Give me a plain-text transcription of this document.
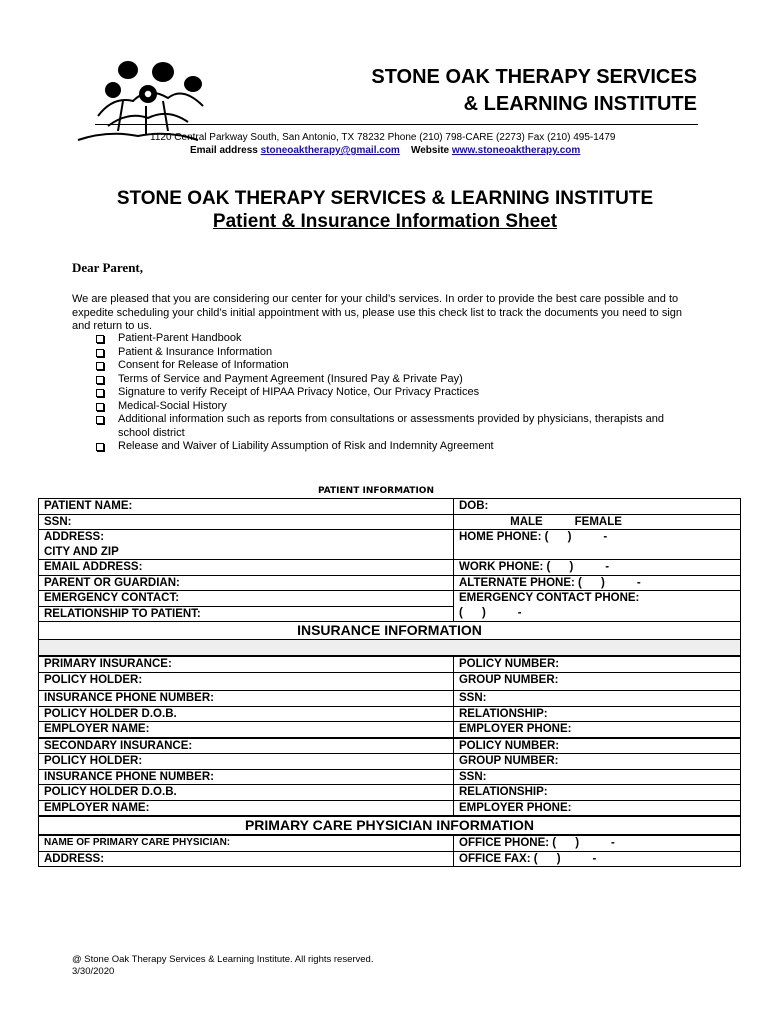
STONE OAK THERAPY SERVICES
& LEARNING INSTITUTE
1120 Central Parkway South, San Antonio, TX 78232 Phone (210) 798-CARE (2273) Fax (210) 495-1479
Email address stoneoaktherapy@gmail.com Website www.stoneoaktherapy.com
STONE OAK THERAPY SERVICES & LEARNING INSTITUTE
Patient & Insurance Information Sheet
Dear Parent,
We are pleased that you are considering our center for your child’s services. In order to provide the best care possible and to expedite scheduling your child’s initial appointment with us, please use this check list to track the documents you need to sign and return to us.
Patient-Parent Handbook
Patient & Insurance Information
Consent for Release of Information
Terms of Service and Payment Agreement (Insured Pay & Private Pay)
Signature to verify Receipt of HIPAA Privacy Notice, Our Privacy Practices
Medical-Social History
Additional information such as reports from consultations or assessments provided by physicians, therapists and school district
Release and Waiver of Liability Assumption of Risk and Indemnity Agreement
PATIENT INFORMATION
PATIENT NAME:	DOB:
SSN:	MALE          FEMALE
ADDRESS:	HOME PHONE: (      )          -
CITY AND ZIP	
EMAIL ADDRESS:	WORK PHONE: (      )          -
PARENT OR GUARDIAN:	ALTERNATE PHONE: (      )          -
EMERGENCY CONTACT:	EMERGENCY CONTACT PHONE:
RELATIONSHIP TO PATIENT:	(      )          -
INSURANCE INFORMATION	

PRIMARY INSURANCE:	POLICY NUMBER:
POLICY HOLDER:	GROUP NUMBER:
INSURANCE PHONE NUMBER:	SSN:
POLICY HOLDER D.O.B.	RELATIONSHIP:
EMPLOYER NAME:	EMPLOYER PHONE:
SECONDARY INSURANCE:	POLICY NUMBER:
POLICY HOLDER:	GROUP NUMBER:
INSURANCE PHONE NUMBER:	SSN:
POLICY HOLDER D.O.B.	RELATIONSHIP:
EMPLOYER NAME:	EMPLOYER PHONE:
PRIMARY CARE PHYSICIAN INFORMATION	
NAME OF PRIMARY CARE PHYSICIAN:	OFFICE PHONE: (      )          -
ADDRESS:	OFFICE FAX: (      )          -
@ Stone Oak Therapy Services & Learning Institute. All rights reserved.
3/30/2020
